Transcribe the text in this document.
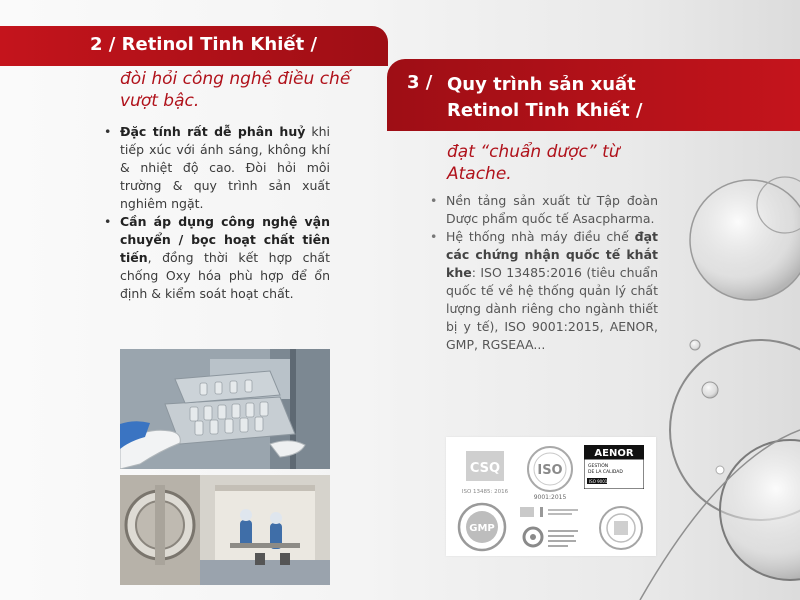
2 / Retinol Tinh Khiết /
đòi hỏi công nghệ điều chế vượt bậc.
• Đặc tính rất dễ phân huỷ khi tiếp xúc với ánh sáng, không khí & nhiệt độ cao. Đòi hỏi môi trường & quy trình sản xuất nghiêm ngặt.
• Cần áp dụng công nghệ vận chuyển / bọc hoạt chất tiên tiến, đồng thời kết hợp chất chống Oxy hóa phù hợp để ổn định & kiểm soát hoạt chất.
3 / Quy trình sản xuất Retinol Tinh Khiết /
đạt “chuẩn dược” từ Atache.
• Nền tảng sản xuất từ Tập đoàn Dược phẩm quốc tế Asacpharma.
• Hệ thống nhà máy điều chế đạt các chứng nhận quốc tế khắt khe: ISO 13485:2016 (tiêu chuẩn quốc tế về hệ thống quản lý chất lượng dành riêng cho ngành thiết bị y tế), ISO 9001:2015, AENOR, GMP, RGSEAA...
CSQ
ISO 13485: 2016
ISO
9001:2015
AENOR
GESTIÓN
DE LA CALIDAD
ISO 9001
GMP
